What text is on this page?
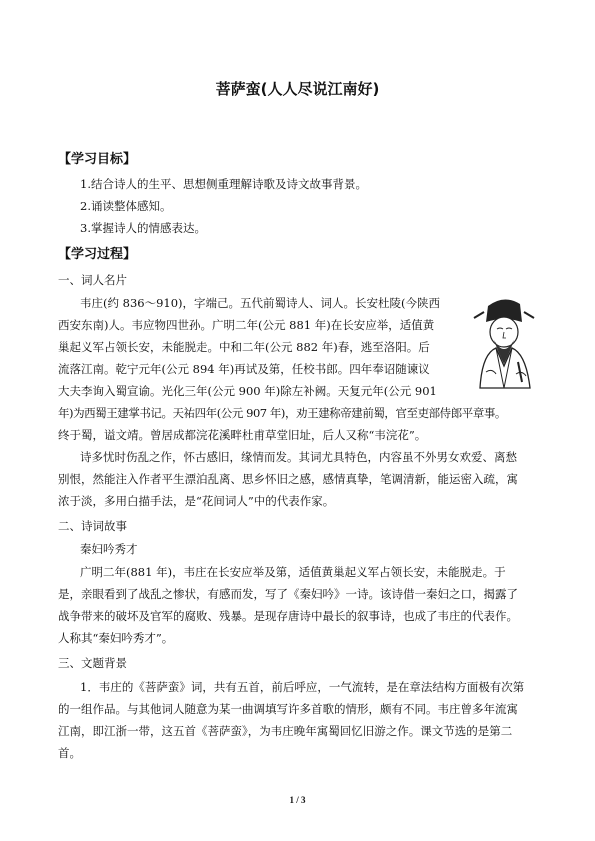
菩萨蛮(人人尽说江南好)
【学习目标】
1.结合诗人的生平、思想侧重理解诗歌及诗文故事背景。
2.诵读整体感知。
3.掌握诗人的情感表达。
【学习过程】
一、词人名片
韦庄(约 836～910)，字端己。五代前蜀诗人、词人。长安杜陵(今陕西
西安东南)人。韦应物四世孙。广明二年(公元 881 年)在长安应举，适值黄
巢起义军占领长安，未能脱走。中和二年(公元 882 年)春，逃至洛阳。后
流落江南。乾宁元年(公元 894 年)再试及第，任校书郎。四年奉诏随谏议
大夫李询入蜀宣谕。光化三年(公元 900 年)除左补阙。天复元年(公元 901
年)为西蜀王建掌书记。天祐四年(公元 907 年)，劝王建称帝建前蜀，官至吏部侍郎平章事。
终于蜀，谥文靖。曾居成都浣花溪畔杜甫草堂旧址，后人又称“韦浣花”。
诗多忧时伤乱之作，怀古感旧，缘情而发。其词尤具特色，内容虽不外男女欢爱、离愁
别恨，然能注入作者平生漂泊乱离、思乡怀旧之感，感情真挚，笔调清新，能运密入疏，寓
浓于淡，多用白描手法，是“花间词人”中的代表作家。
二、诗词故事
秦妇吟秀才
广明二年(881 年)，韦庄在长安应举及第，适值黄巢起义军占领长安，未能脱走。于
是，亲眼看到了战乱之惨状，有感而发，写了《秦妇吟》一诗。该诗借一秦妇之口，揭露了
战争带来的破坏及官军的腐败、残暴。是现存唐诗中最长的叙事诗，也成了韦庄的代表作。
人称其“秦妇吟秀才”。
三、文题背景
1．韦庄的《菩萨蛮》词，共有五首，前后呼应，一气流转，是在章法结构方面极有次第
的一组作品。与其他词人随意为某一曲调填写许多首歌的情形，颇有不同。韦庄曾多年流寓
江南，即江浙一带，这五首《菩萨蛮》，为韦庄晚年寓蜀回忆旧游之作。课文节选的是第二
首。
1 / 3
